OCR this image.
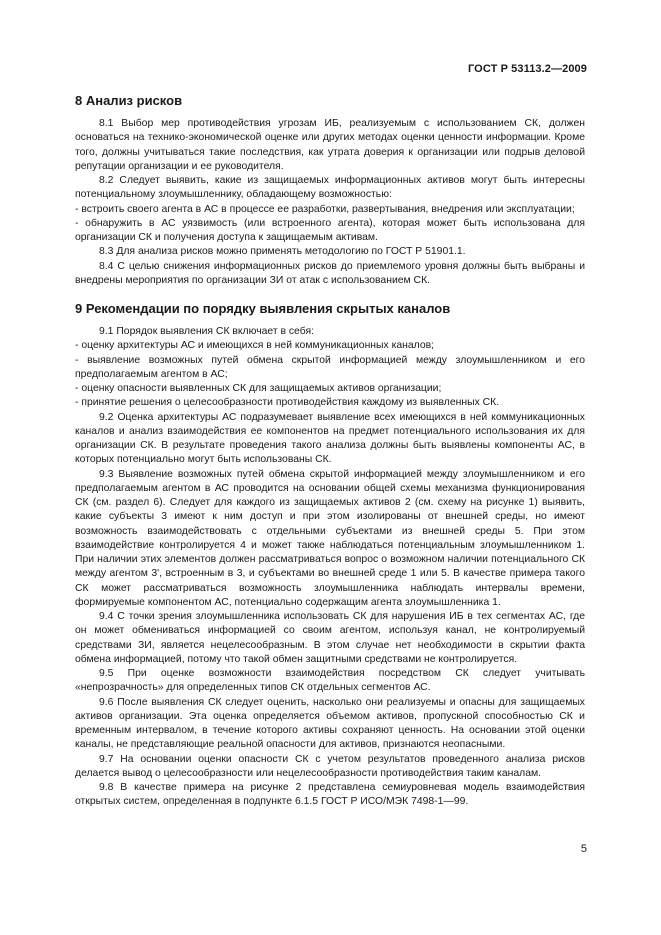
ГОСТ Р 53113.2—2009
8 Анализ рисков

8.1 Выбор мер противодействия угрозам ИБ, реализуемым с использованием СК, должен основаться на технико-экономической оценке или других методах оценки ценности информации. Кроме того, должны учитываться такие последствия, как утрата доверия к организации или подрыв деловой репутации организации и ее руководителя.

8.2 Следует выявить, какие из защищаемых информационных активов могут быть интересны потенциальному злоумышленнику, обладающему возможностью:

- встроить своего агента в АС в процессе ее разработки, развертывания, внедрения или эксплуатации;

- обнаружить в АС уязвимость (или встроенного агента), которая может быть использована для организации СК и получения доступа к защищаемым активам.

8.3 Для анализа рисков можно применять методологию по ГОСТ Р 51901.1.

8.4 С целью снижения информационных рисков до приемлемого уровня должны быть выбраны и внедрены мероприятия по организации ЗИ от атак с использованием СК.

9 Рекомендации по порядку выявления скрытых каналов

9.1 Порядок выявления СК включает в себя:

- оценку архитектуры АС и имеющихся в ней коммуникационных каналов;

- выявление возможных путей обмена скрытой информацией между злоумышленником и его предполагаемым агентом в АС;

- оценку опасности выявленных СК для защищаемых активов организации;

- принятие решения о целесообразности противодействия каждому из выявленных СК.

9.2 Оценка архитектуры АС подразумевает выявление всех имеющихся в ней коммуникационных каналов и анализ взаимодействия ее компонентов на предмет потенциального использования их для организации СК. В результате проведения такого анализа должны быть выявлены компоненты АС, в которых потенциально могут быть использованы СК.

9.3 Выявление возможных путей обмена скрытой информацией между злоумышленником и его предполагаемым агентом в АС проводится на основании общей схемы механизма функционирования СК (см. раздел 6). Следует для каждого из защищаемых активов 2 (см. схему на рисунке 1) выявить, какие субъекты 3 имеют к ним доступ и при этом изолированы от внешней среды, но имеют возможность взаимодействовать с отдельными субъектами из внешней среды 5. При этом взаимодействие контролируется 4 и может также наблюдаться потенциальным злоумышленником 1. При наличии этих элементов должен рассматриваться вопрос о возможном наличии потенциального СК между агентом 3', встроенным в 3, и субъектами во внешней среде 1 или 5. В качестве примера такого СК может рассматриваться возможность злоумышленника наблюдать интервалы времени, формируемые компонентом АС, потенциально содержащим агента злоумышленника 1.

9.4 С точки зрения злоумышленника использовать СК для нарушения ИБ в тех сегментах АС, где он может обмениваться информацией со своим агентом, используя канал, не контролируемый средствами ЗИ, является нецелесообразным. В этом случае нет необходимости в скрытии факта обмена информацией, потому что такой обмен защитными средствами не контролируется.

9.5 При оценке возможности взаимодействия посредством СК следует учитывать «непрозрачность» для определенных типов СК отдельных сегментов АС.

9.6 После выявления СК следует оценить, насколько они реализуемы и опасны для защищаемых активов организации. Эта оценка определяется объемом активов, пропускной способностью СК и временным интервалом, в течение которого активы сохраняют ценность. На основании этой оценки каналы, не представляющие реальной опасности для активов, признаются неопасными.

9.7 На основании оценки опасности СК с учетом результатов проведенного анализа рисков делается вывод о целесообразности или нецелесообразности противодействия таким каналам.

9.8 В качестве примера на рисунке 2 представлена семиуровневая модель взаимодействия открытых систем, определенная в подпункте 6.1.5 ГОСТ Р ИСО/МЭК 7498-1—99.

5
